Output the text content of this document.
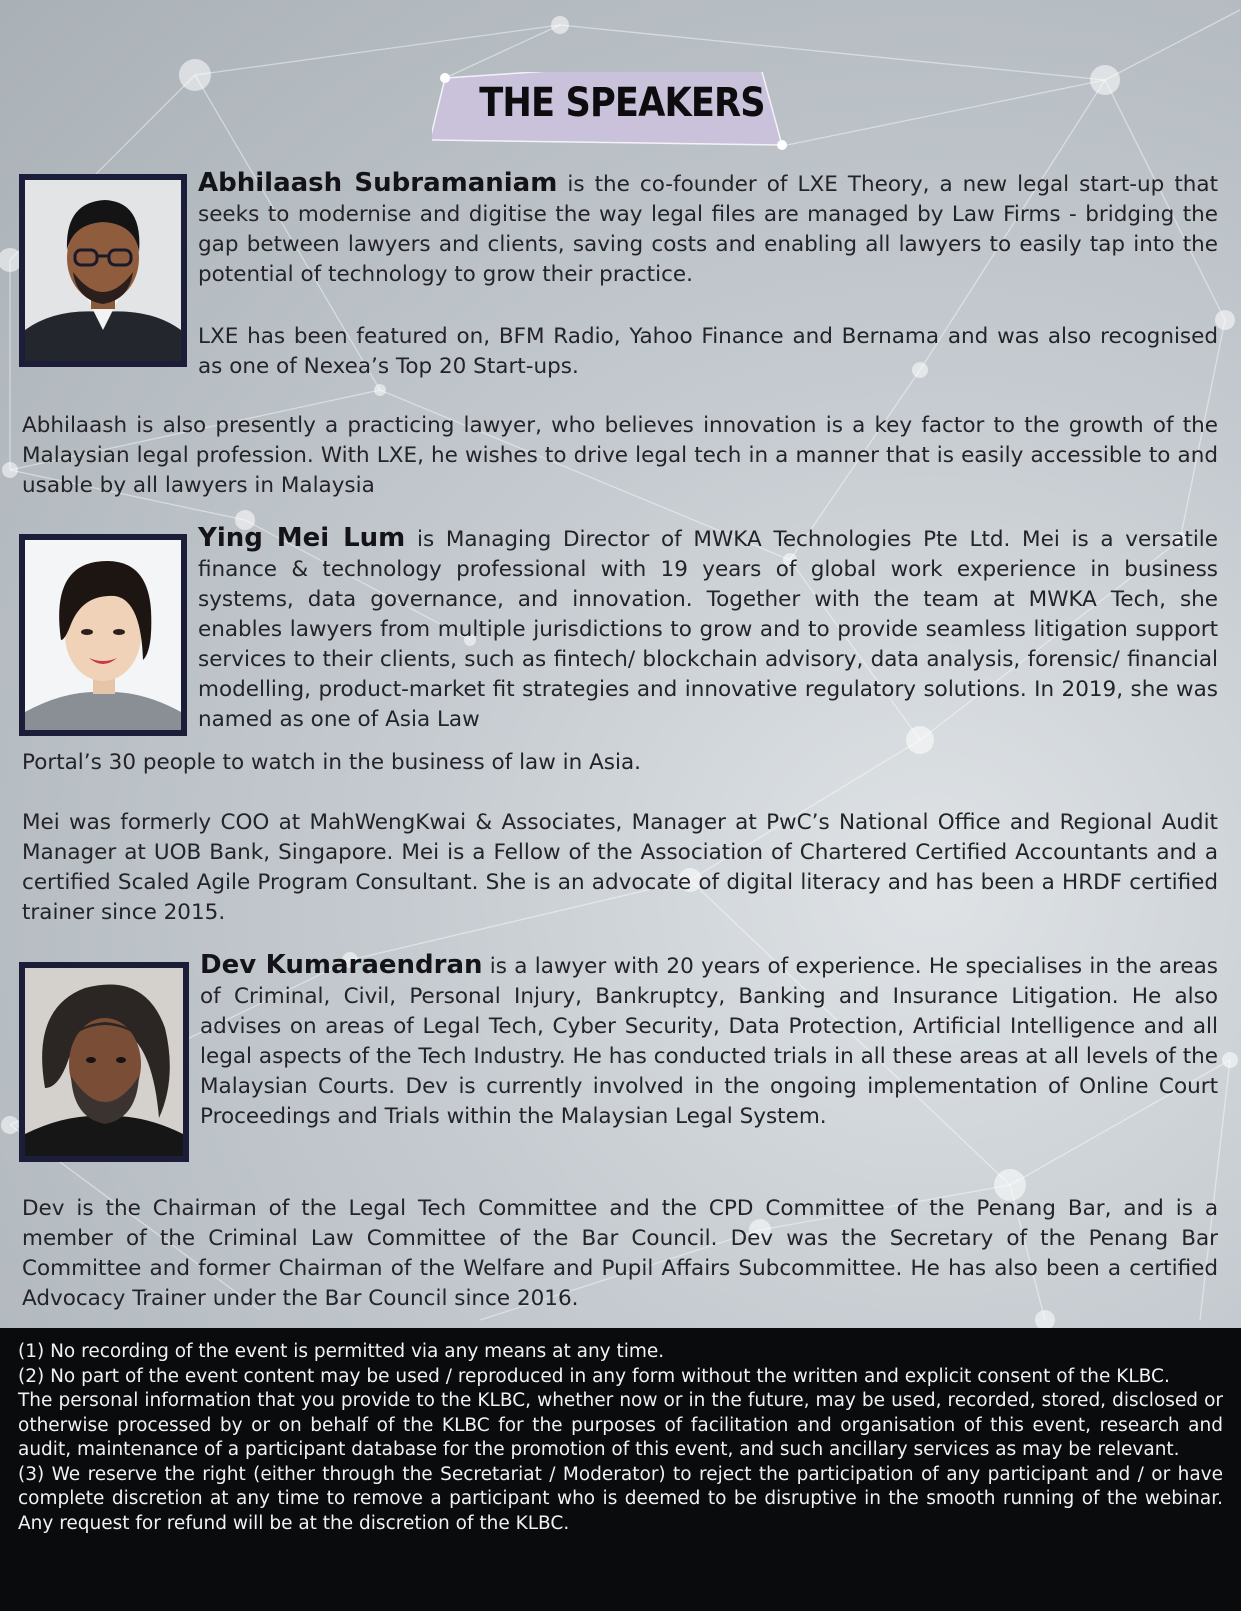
THE SPEAKERS

Abhilaash Subramaniam is the co-founder of LXE Theory, a new legal start-up that seeks to modernise and digitise the way legal files are managed by Law Firms - bridging the gap between lawyers and clients, saving costs and enabling all lawyers to easily tap into the potential of technology to grow their practice.

LXE has been featured on, BFM Radio, Yahoo Finance and Bernama and was also recognised as one of Nexea’s Top 20 Start-ups.

Abhilaash is also presently a practicing lawyer, who believes innovation is a key factor to the growth of the Malaysian legal profession. With LXE, he wishes to drive legal tech in a manner that is easily accessible to and usable by all lawyers in Malaysia

Ying Mei Lum is Managing Director of MWKA Technologies Pte Ltd. Mei is a versatile finance & technology professional with 19 years of global work experience in business systems, data governance, and innovation. Together with the team at MWKA Tech, she enables lawyers from multiple jurisdictions to grow and to provide seamless litigation support services to their clients, such as fintech/ blockchain advisory, data analysis, forensic/ financial modelling, product-market fit strategies and innovative regulatory solutions. In 2019, she was named as one of Asia Law

Portal’s 30 people to watch in the business of law in Asia.

Mei was formerly COO at MahWengKwai & Associates, Manager at PwC’s National Office and Regional Audit Manager at UOB Bank, Singapore. Mei is a Fellow of the Association of Chartered Certified Accountants and a certified Scaled Agile Program Consultant. She is an advocate of digital literacy and has been a HRDF certified trainer since 2015.

Dev Kumaraendran is a lawyer with 20 years of experience. He specialises in the areas of Criminal, Civil, Personal Injury, Bankruptcy, Banking and Insurance Litigation. He also advises on areas of Legal Tech, Cyber Security, Data Protection, Artificial Intelligence and all legal aspects of the Tech Industry. He has conducted trials in all these areas at all levels of the Malaysian Courts. Dev is currently involved in the ongoing implementation of Online Court Proceedings and Trials within the Malaysian Legal System.

Dev is the Chairman of the Legal Tech Committee and the CPD Committee of the Penang Bar, and is a member of the Criminal Law Committee of the Bar Council. Dev was the Secretary of the Penang Bar Committee and former Chairman of the Welfare and Pupil Affairs Subcommittee. He has also been a certified Advocacy Trainer under the Bar Council since 2016.

(1) No recording of the event is permitted via any means at any time.

(2) No part of the event content may be used / reproduced in any form without the written and explicit consent of the KLBC.

The personal information that you provide to the KLBC, whether now or in the future, may be used, recorded, stored, disclosed or otherwise processed by or on behalf of the KLBC for the purposes of facilitation and organisation of this event, research and audit, maintenance of a participant database for the promotion of this event, and such ancillary services as may be relevant.

(3) We reserve the right (either through the Secretariat / Moderator) to reject the participation of any participant and / or have complete discretion at any time to remove a participant who is deemed to be disruptive in the smooth running of the webinar. Any request for refund will be at the discretion of the KLBC.
